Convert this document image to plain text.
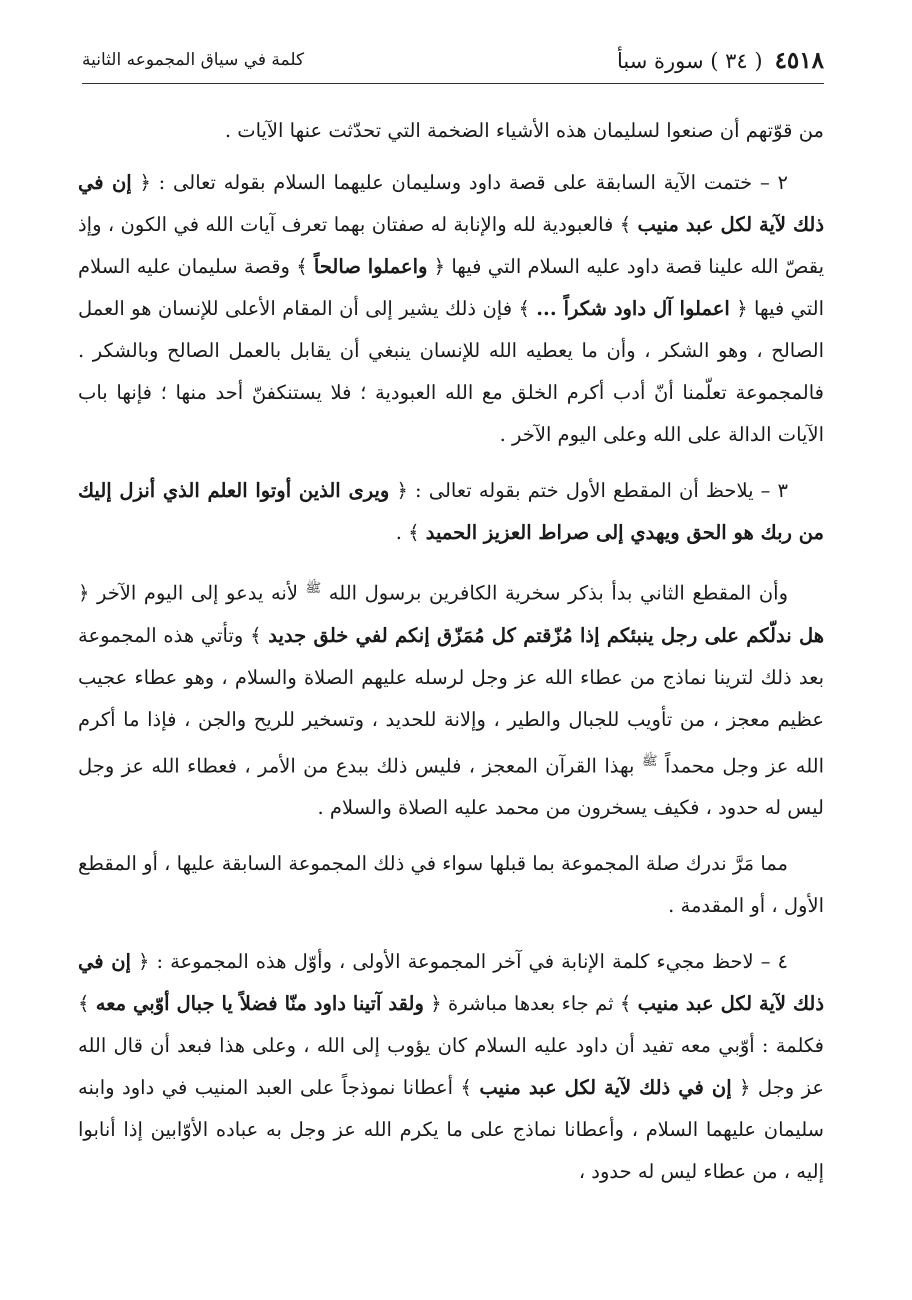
٤٥١٨
( ٣٤ ) سورة سبأ
كلمة في سياق المجموعه الثانية

من قوّتهم أن صنعوا لسليمان هذه الأشياء الضخمة التي تحدّثت عنها الآيات .

٢ – ختمت الآية السابقة على قصة داود وسليمان عليهما السلام بقوله تعالى : ﴿ إن في ذلك لآية لكل عبد منيب ﴾ فالعبودية لله والإنابة له صفتان بهما تعرف آيات الله في الكون ، وإذ يقصّ الله علينا قصة داود عليه السلام التي فيها ﴿ واعملوا صالحاً ﴾ وقصة سليمان عليه السلام التي فيها ﴿ اعملوا آل داود شكراً ... ﴾ فإن ذلك يشير إلى أن المقام الأعلى للإنسان هو العمل الصالح ، وهو الشكر ، وأن ما يعطيه الله للإنسان ينبغي أن يقابل بالعمل الصالح وبالشكر . فالمجموعة تعلّمنا أنّ أدب أكرم الخلق مع الله العبودية ؛ فلا يستنكفنّ أحد منها ؛ فإنها باب الآيات الدالة على الله وعلى اليوم الآخر .

٣ – يلاحظ أن المقطع الأول ختم بقوله تعالى : ﴿ ويرى الذين أوتوا العلم الذي أنزل إليك من ربك هو الحق ويهدي إلى صراط العزيز الحميد ﴾ .

وأن المقطع الثاني بدأ بذكر سخرية الكافرين برسول الله $^ﷺ$ لأنه يدعو إلى اليوم الآخر ﴿ هل ندلّكم على رجل ينبئكم إذا مُزّقتم كل مُمَزّق إنكم لفي خلق جديد ﴾ وتأتي هذه المجموعة بعد ذلك لترينا نماذج من عطاء الله عز وجل لرسله عليهم الصلاة والسلام ، وهو عطاء عجيب عظيم معجز ، من تأويب للجبال والطير ، وإلانة للحديد ، وتسخير للريح والجن ، فإذا ما أكرم الله عز وجل محمداً $^ﷺ$ بهذا القرآن المعجز ، فليس ذلك ببدع من الأمر ، فعطاء الله عز وجل ليس له حدود ، فكيف يسخرون من محمد عليه الصلاة والسلام .

مما مَرَّ ندرك صلة المجموعة بما قبلها سواء في ذلك المجموعة السابقة عليها ، أو المقطع الأول ، أو المقدمة .

٤ – لاحظ مجيء كلمة الإنابة في آخر المجموعة الأولى ، وأوّل هذه المجموعة : ﴿ إن في ذلك لآية لكل عبد منيب ﴾ ثم جاء بعدها مباشرة ﴿ ولقد آتينا داود منّا فضلاً يا جبال أوّبي معه ﴾ فكلمة : أوّبي معه تفيد أن داود عليه السلام كان يؤوب إلى الله ، وعلى هذا فبعد أن قال الله عز وجل ﴿ إن في ذلك لآية لكل عبد منيب ﴾ أعطانا نموذجاً على العبد المنيب في داود وابنه سليمان عليهما السلام ، وأعطانا نماذج على ما يكرم الله عز وجل به عباده الأوّابين إذا أنابوا إليه ، من عطاء ليس له حدود ،
